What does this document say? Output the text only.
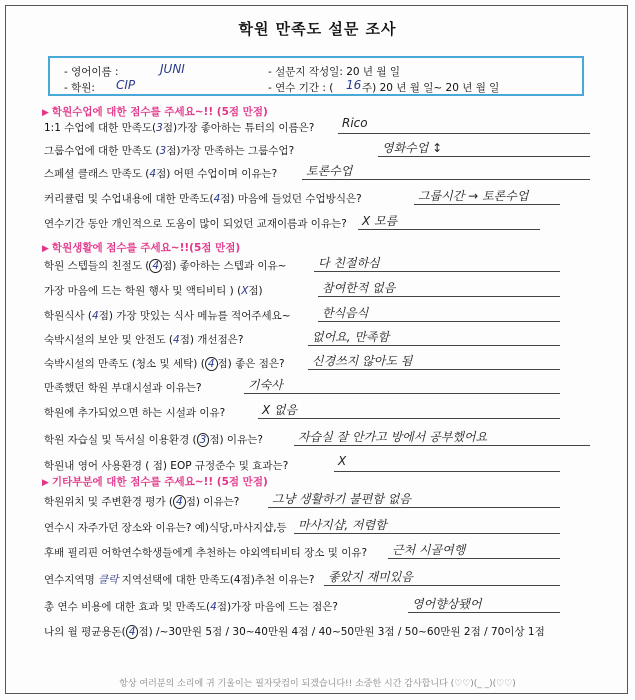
학원 만족도 설문 조사
- 영어이름 :	JUNI	- 설문지 작성일: 20 년 월 일
- 학원: CIP	- 연수 기간 : ( 16 주) 20 년 월 일~ 20 년 월 일
▶ 학원수업에 대한 점수를 주세요~!! (5점 만점)
▶ 학원생활에 점수를 주세요~!!(5점 만점)
▶ 기타부분에 대한 점수를 주세요~!! (5점 만점)
1:1 수업에 대한 만족도(3점)가장 좋아하는 튜터의 이름은? Rico
그룹수업에 대한 만족도 (3점)가장 만족하는 그룹수업?	영화수업 ↕
스페셜 클래스 만족도 (4점) 어떤 수업이며 이유는? 토론수업
커리큘럼 및 수업내용에 대한 만족도(4점) 마음에 들었던 수업방식은?	그룹시간 → 토론수업
연수기간 동안 개인적으로 도움이 많이 되었던 교재이름과 이유는? X 모름
학원 스텝들의 친절도 ( 4 점) 좋아하는 스텝과 이유~	다 친절하심
가장 마음에 드는 학원 행사 및 액티비티 ) (X점)	참여한적 없음
학원식사 (4점) 가장 맛있는 식사 메뉴를 적어주세요~	한식음식
숙박시설의 보안 및 안전도 (4점) 개선점은?	없어요, 만족함
숙박시설의 만족도 (청소 및 세탁) ( 4 점) 좋은 점은? 신경쓰지 않아도 됨
만족했던 학원 부대시설과 이유는?	기숙사
학원에 추가되었으면 하는 시설과 이유?	X 없음
학원 자습실 및 독서실 이용환경 ( 3 점) 이유는?	자습실 잘 안가고 방에서 공부했어요
학원내 영어 사용환경 ( 점) EOP 규정준수 및 효과는?	X
학원위치 및 주변환경 평가 ( 4 점) 이유는?	그냥 생활하기 불편함 없음
연수시 자주가던 장소와 이유는? 예)식당,마사지샵,등 마사지샵, 저렴함
후배 필리핀 어학연수학생들에게 추천하는 야외엑티비티 장소 및 이유? 근처 시골여행
연수지역명 클락 지역선택에 대한 만족도(4점)추천 이유는? 좋았지 재미있음
총 연수 비용에 대한 효과 및 만족도(4점)가장 마음에 드는 점은?	영어향상됐어
나의 월 평균용돈( 4 점) /~30만원 5점 / 30~40만원 4점 / 40~50만원 3점 / 50~60만원 2점 / 70이상 1점
항상 여러분의 소리에 귀 기울이는 필자닷컴이 되겠습니다!! 소중한 시간 감사합니다 (♡♡)(_ _)(♡♡)
